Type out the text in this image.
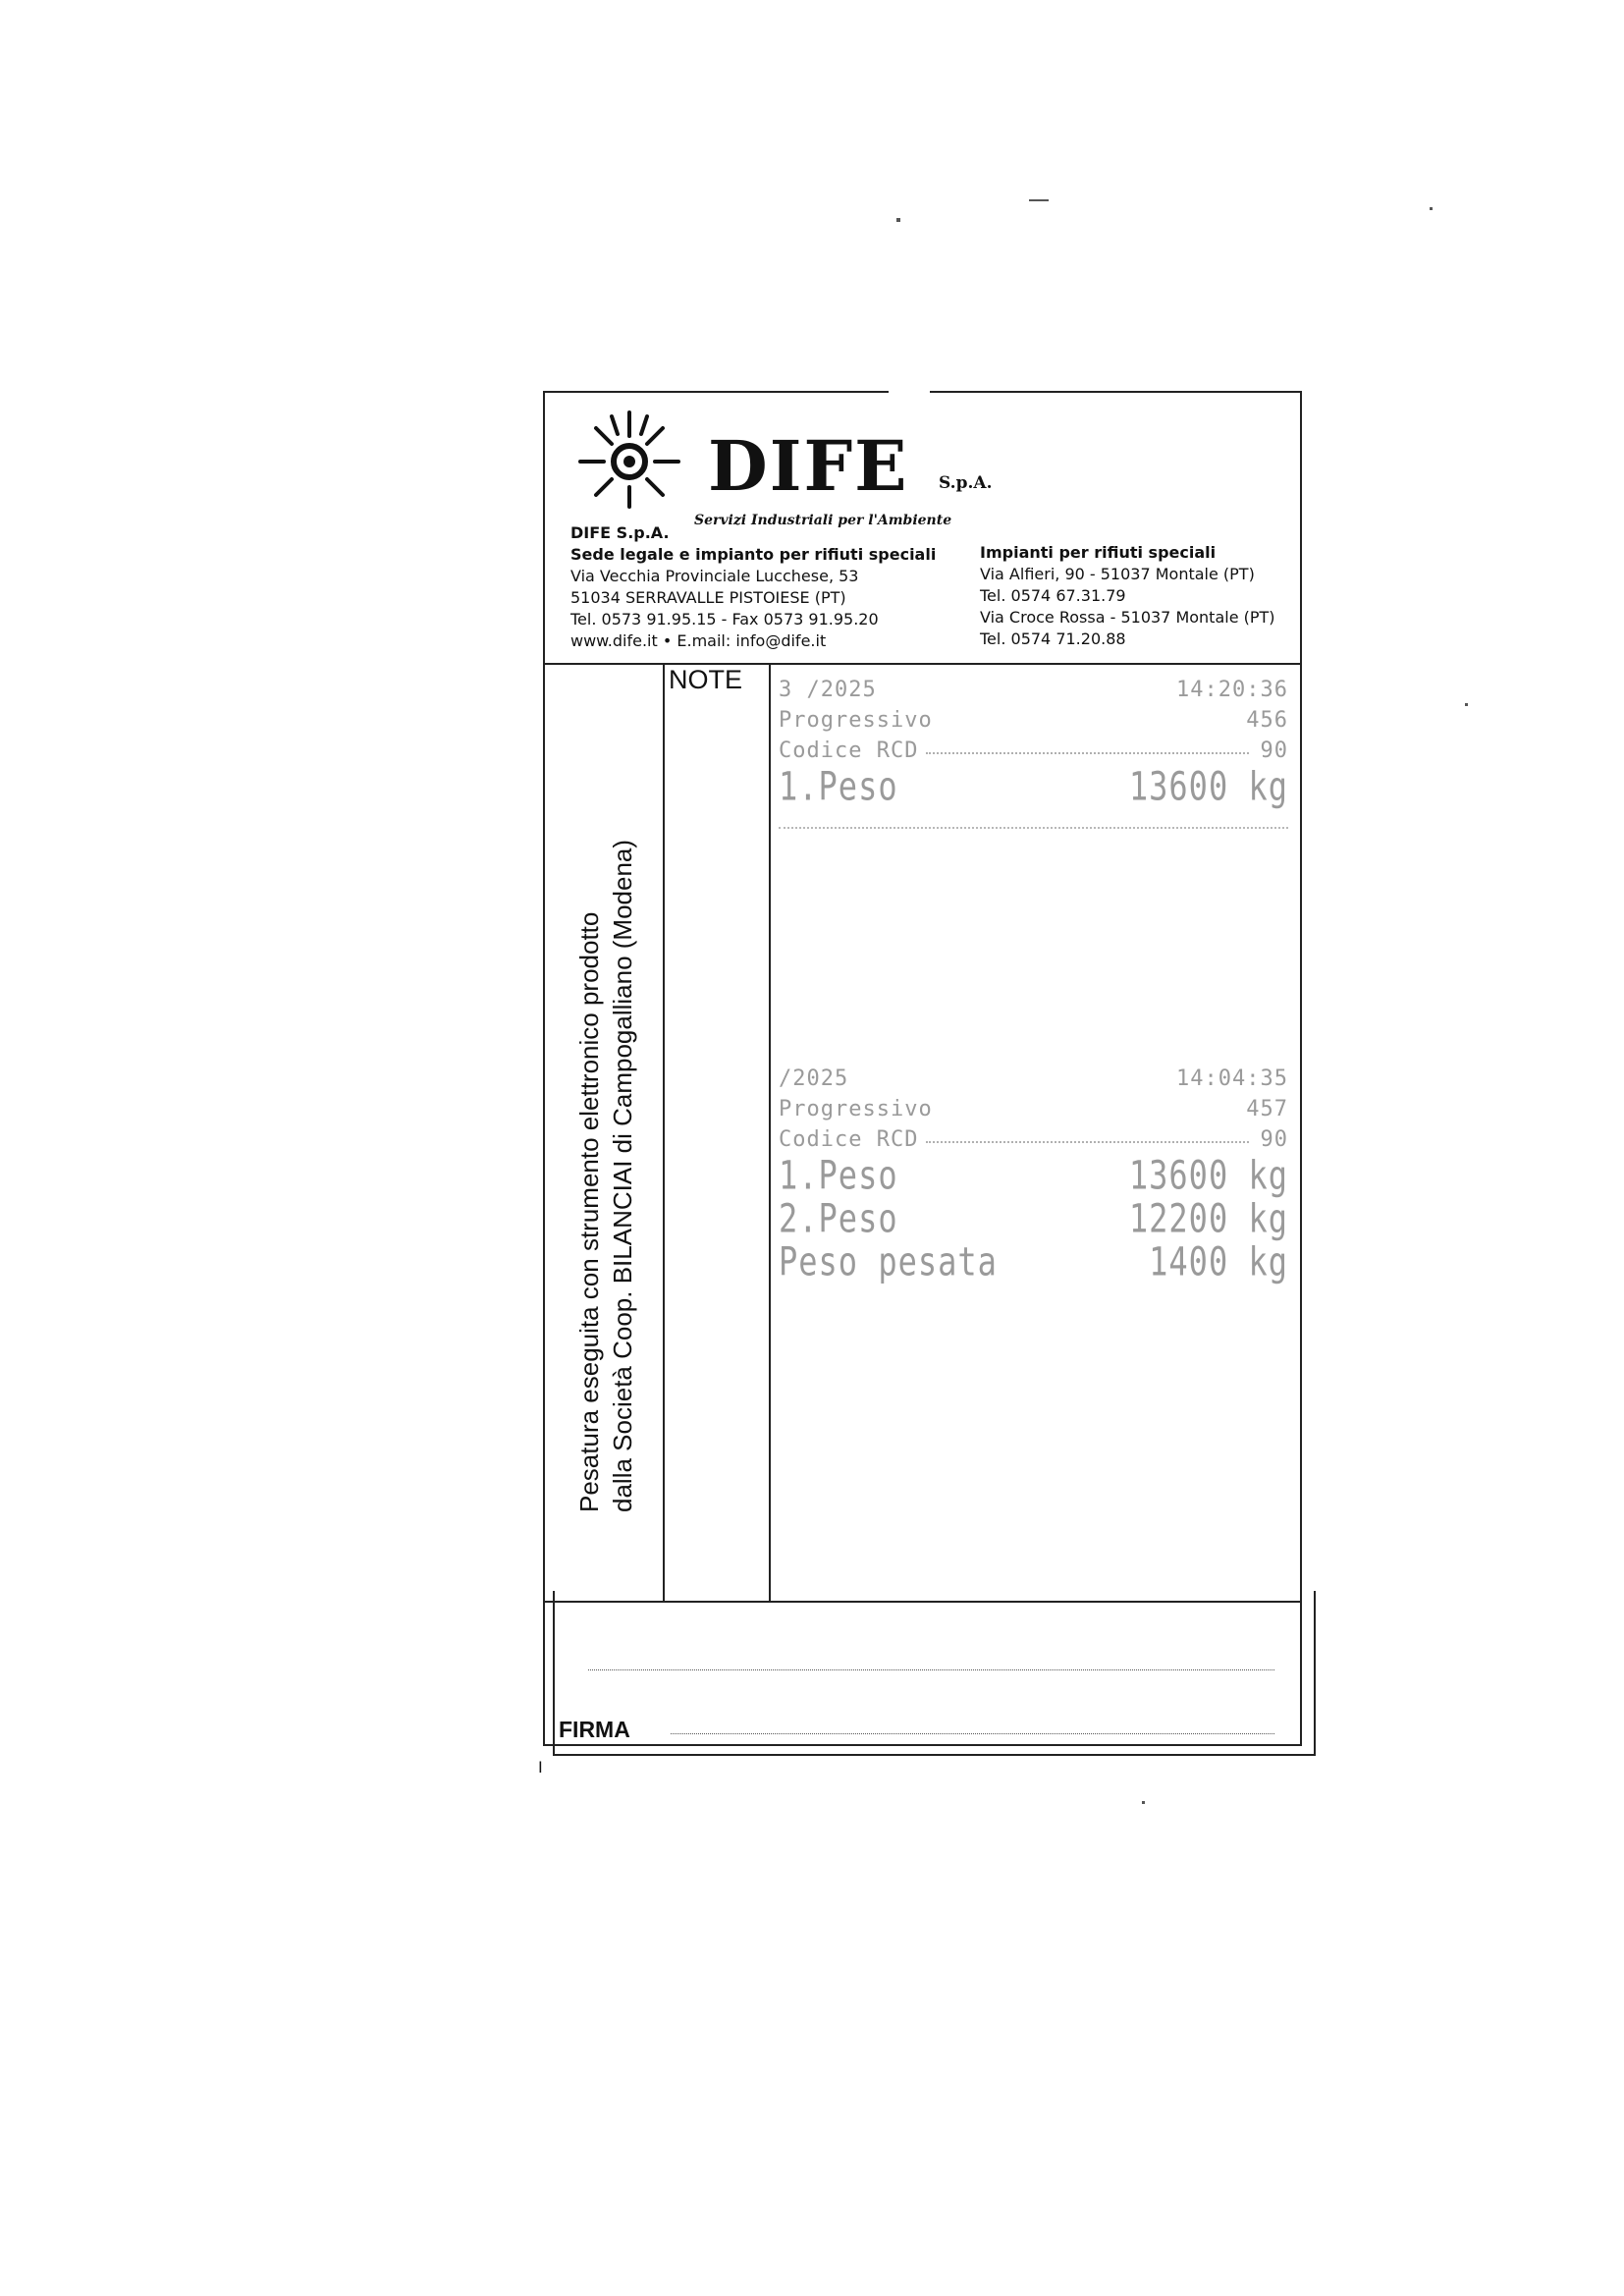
DIFE S.p.A.
Servizi Industriali per l'Ambiente
DIFE S.p.A.
Sede legale e impianto per rifiuti speciali
Via Vecchia Provinciale Lucchese, 53
51034 SERRAVALLE PISTOIESE (PT)
Tel. 0573 91.95.15 - Fax 0573 91.95.20
www.dife.it • E.mail: info@dife.it
Impianti per rifiuti speciali
Via Alfieri, 90 - 51037 Montale (PT)
Tel. 0574 67.31.79
Via Croce Rossa - 51037 Montale (PT)
Tel. 0574 71.20.88
Pesatura eseguita con strumento elettronico prodotto dalla Società Coop. BILANCIAI di Campogalliano (Modena)
NOTE 3 /2025	14:20:36
Progressivo	456
Codice RCD	90
1.Peso	13600 kg
/2025	14:04:35
Progressivo	457
Codice RCD	90
1.Peso	13600 kg
2.Peso	12200 kg
Peso pesata	1400 kg
FIRMA
I
